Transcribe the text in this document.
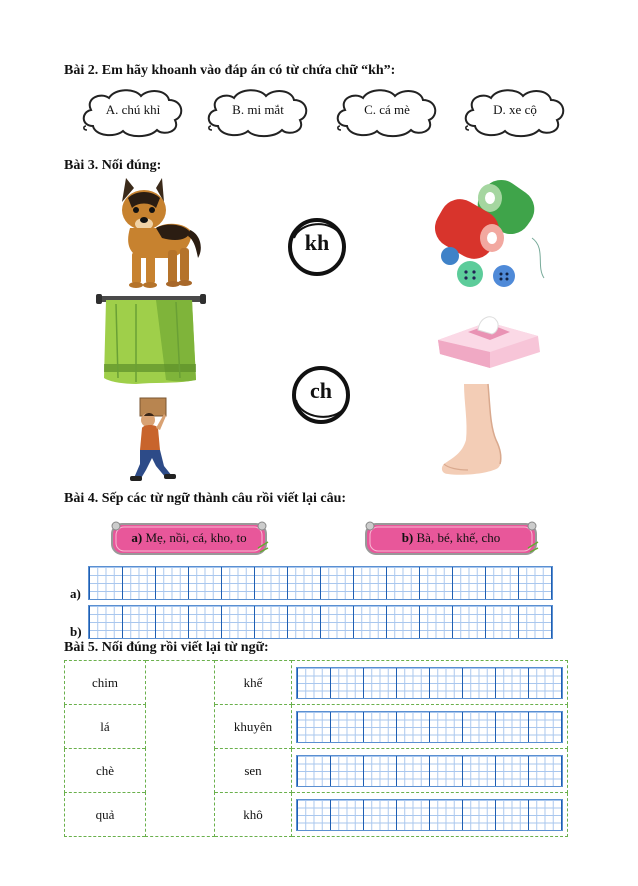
Bài 2. Em hãy khoanh vào đáp án có từ chứa chữ “kh”:
A. chú khỉ	B. mi mắt	C. cá mè	D. xe cộ
Bài 3. Nối đúng:
kh
ch
Bài 4. Sếp các từ ngữ thành câu rồi viết lại câu:
a) Mẹ, nồi, cá, kho, to	b) Bà, bé, khế, cho
a)
b)
Bài 5. Nối đúng rồi viết lại từ ngữ:
chim		khế	

lá		khuyên	

chè		sen	

quả		khô	
